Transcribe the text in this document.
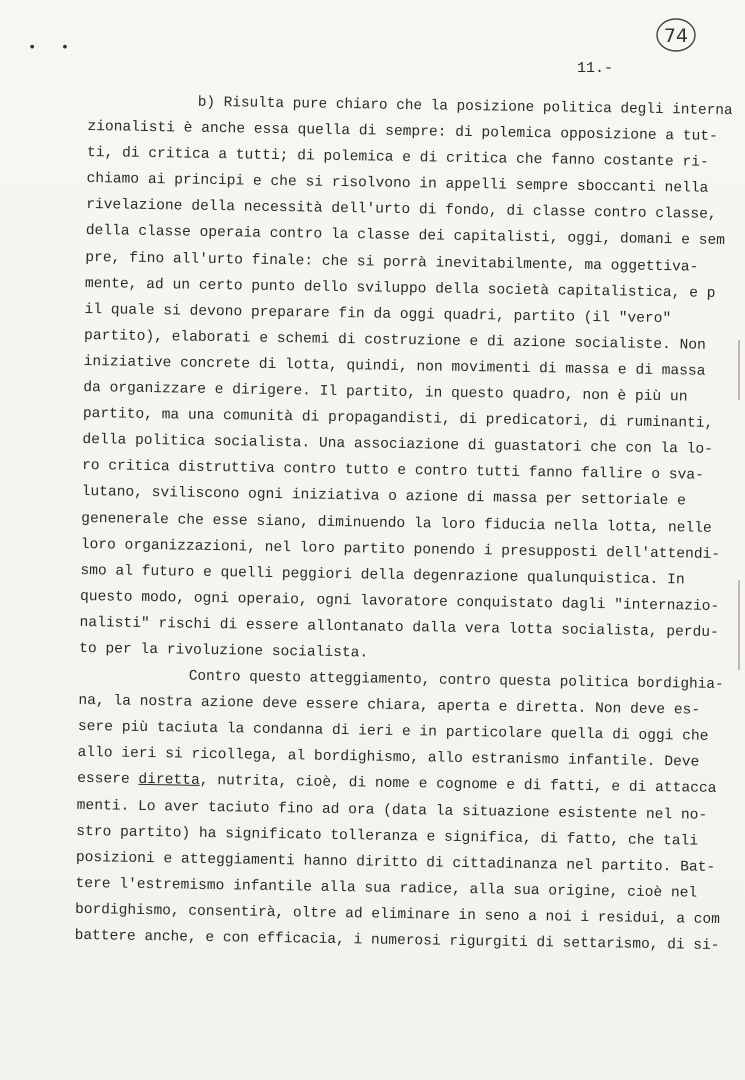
• •
74
11.-
b) Risulta pure chiaro che la posizione politica degli interna
zionalisti è anche essa quella di sempre: di polemica opposizione a tut-
ti, di critica a tutti; di polemica e di critica che fanno costante ri-
chiamo ai principi e che si risolvono in appelli sempre sboccanti nella
rivelazione della necessità dell'urto di fondo, di classe contro classe,
della classe operaia contro la classe dei capitalisti, oggi, domani e sem
pre, fino all'urto finale: che si porrà inevitabilmente, ma oggettiva-
mente, ad un certo punto dello sviluppo della società capitalistica, e p
il quale si devono preparare fin da oggi quadri, partito (il "vero"
partito), elaborati e schemi di costruzione e di azione socialiste. Non
iniziative concrete di lotta, quindi, non movimenti di massa e di massa
da organizzare e dirigere. Il partito, in questo quadro, non è più un
partito, ma una comunità di propagandisti, di predicatori, di ruminanti,
della politica socialista. Una associazione di guastatori che con la lo-
ro critica distruttiva contro tutto e contro tutti fanno fallire o sva-
lutano, sviliscono ogni iniziativa o azione di massa per settoriale e
genenerale che esse siano, diminuendo la loro fiducia nella lotta, nelle
loro organizzazioni, nel loro partito ponendo i presupposti dell'attendi-
smo al futuro e quelli peggiori della degenrazione qualunquistica. In
questo modo, ogni operaio, ogni lavoratore conquistato dagli "internazio-
nalisti" rischi di essere allontanato dalla vera lotta socialista, perdu-
to per la rivoluzione socialista.
Contro questo atteggiamento, contro questa politica bordighia-
na, la nostra azione deve essere chiara, aperta e diretta. Non deve es-
sere più taciuta la condanna di ieri e in particolare quella di oggi che
allo ieri si ricollega, al bordighismo, allo estranismo infantile. Deve
essere diretta, nutrita, cioè, di nome e cognome e di fatti, e di attacca
menti. Lo aver taciuto fino ad ora (data la situazione esistente nel no-
stro partito) ha significato tolleranza e significa, di fatto, che tali
posizioni e atteggiamenti hanno diritto di cittadinanza nel partito. Bat-
tere l'estremismo infantile alla sua radice, alla sua origine, cioè nel
bordighismo, consentirà, oltre ad eliminare in seno a noi i residui, a com
battere anche, e con efficacia, i numerosi rigurgiti di settarismo, di si-
